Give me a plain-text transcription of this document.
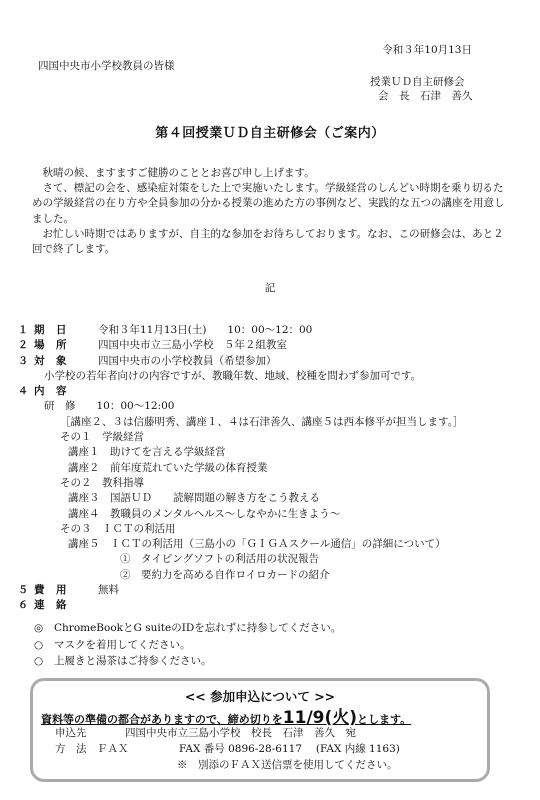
令和３年10月13日
四国中央市小学校教員の皆様
授業ＵＤ自主研修会
会　長　石津　善久
第４回授業ＵＤ自主研修会（ご案内）

　秋晴の候、ますますご健勝のこととお喜び申し上げます。

　さて、標記の会を、感染症対策をした上で実施いたします。学級経営のしんどい時期を乗り切るための学級経営の在り方や全員参加の分かる授業の進めた方の事例など、実践的な五つの講座を用意しました。

　お忙しい時期ではありますが、自主的な参加をお待ちしております。なお、この研修会は、あと２回で終了します。

記
１ 期　日	令和３年11月13日(土)　　10：00～12：00
２ 場　所	四国中央市立三島小学校　５年２組教室
３ 対　象	四国中央市の小学校教員（希望参加）
小学校の若年者向けの内容ですが、教職年数、地域、校種を問わず参加可です。
４ 内　容
研　修　　10：00～12:00
［講座２、３は信藤明秀、講座１、４は石津善久、講座５は西本修平が担当します。］
その１　学級経営
講座１　助けてを言える学級経営
講座２　前年度荒れていた学級の体育授業
その２　教科指導
講座３　国語ＵＤ　　読解問題の解き方をこう教える
講座４　教職員のメンタルヘルス～しなやかに生きよう～
その３　ＩＣＴの利活用
講座５　ＩＣＴの利活用（三島小の「ＧＩＧＡスクール通信」の詳細について）
①　タイピングソフトの利活用の状況報告
②　要約力を高める自作ロイロカードの紹介
５ 費　用	無料
６ 連　絡
◎	ChromeBookとG suiteのIDを忘れずに持参してください。
○	マスクを着用してください。
○	上履きと湯茶はご持参ください。
<< 参加申込について >>
資料等の準備の都合がありますので、締め切りを11/9(火)とします。
申込先	四国中央市立三島小学校　校長　石津　善久　宛
方　法　ＦＡＸ	FAX 番号 0896-28-6117　 (FAX 内線 1163)
※　別添のＦＡＸ送信票を使用してください。
